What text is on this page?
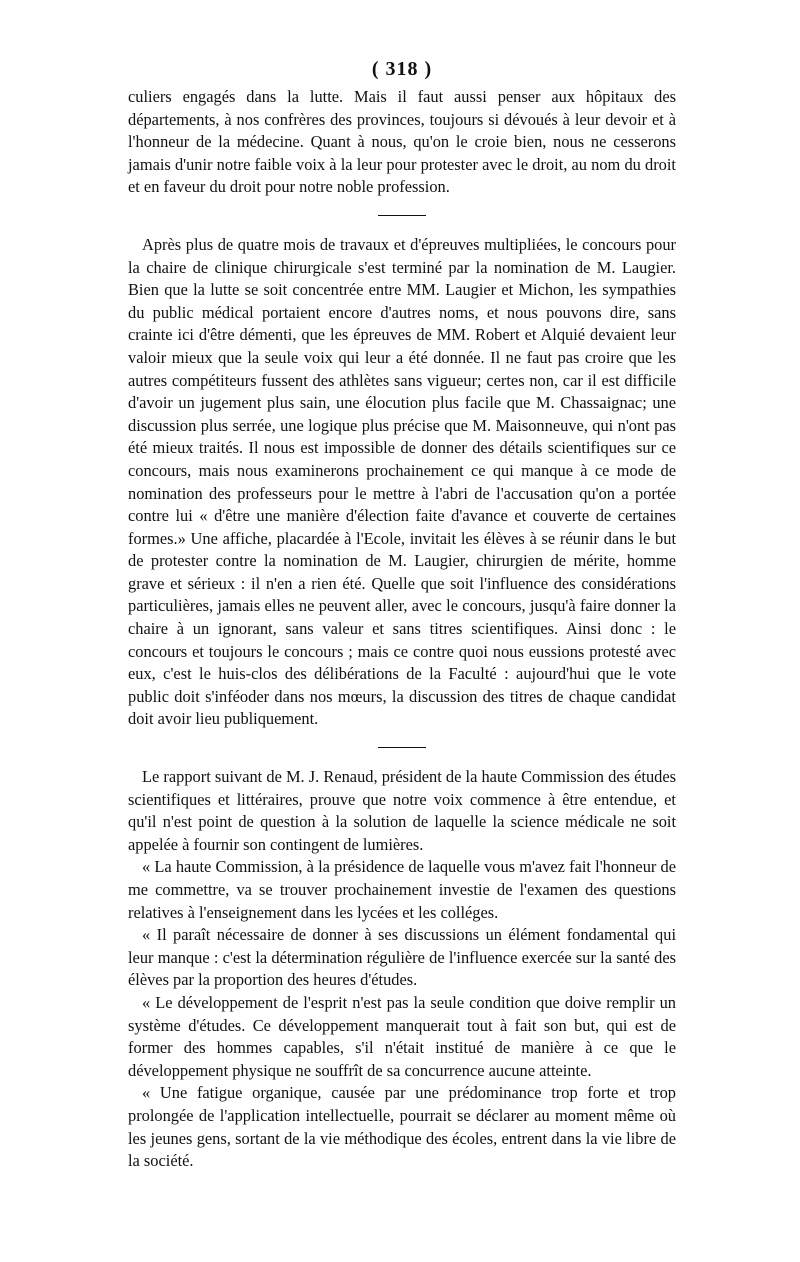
( 318 )

culiers engagés dans la lutte. Mais il faut aussi penser aux hôpitaux des départements, à nos confrères des provinces, toujours si dévoués à leur devoir et à l'honneur de la médecine. Quant à nous, qu'on le croie bien, nous ne cesserons jamais d'unir notre faible voix à la leur pour protester avec le droit, au nom du droit et en faveur du droit pour notre noble profession.

Après plus de quatre mois de travaux et d'épreuves multipliées, le concours pour la chaire de clinique chirurgicale s'est terminé par la nomination de M. Laugier. Bien que la lutte se soit concentrée entre MM. Laugier et Michon, les sympathies du public médical portaient encore d'autres noms, et nous pouvons dire, sans crainte ici d'être démenti, que les épreuves de MM. Robert et Alquié devaient leur valoir mieux que la seule voix qui leur a été donnée. Il ne faut pas croire que les autres compétiteurs fussent des athlètes sans vigueur; certes non, car il est difficile d'avoir un jugement plus sain, une élocution plus facile que M. Chassaignac; une discussion plus serrée, une logique plus précise que M. Maisonneuve, qui n'ont pas été mieux traités. Il nous est impossible de donner des détails scientifiques sur ce concours, mais nous examinerons prochainement ce qui manque à ce mode de nomination des professeurs pour le mettre à l'abri de l'accusation qu'on a portée contre lui « d'être une manière d'élection faite d'avance et couverte de certaines formes.» Une affiche, placardée à l'Ecole, invitait les élèves à se réunir dans le but de protester contre la nomination de M. Laugier, chirurgien de mérite, homme grave et sérieux : il n'en a rien été. Quelle que soit l'influence des considérations particulières, jamais elles ne peuvent aller, avec le concours, jusqu'à faire donner la chaire à un ignorant, sans valeur et sans titres scientifiques. Ainsi donc : le concours et toujours le concours ; mais ce contre quoi nous eussions protesté avec eux, c'est le huis-clos des délibérations de la Faculté : aujourd'hui que le vote public doit s'inféoder dans nos mœurs, la discussion des titres de chaque candidat doit avoir lieu publiquement.

Le rapport suivant de M. J. Renaud, président de la haute Commission des études scientifiques et littéraires, prouve que notre voix commence à être entendue, et qu'il n'est point de question à la solution de laquelle la science médicale ne soit appelée à fournir son contingent de lumières.

« La haute Commission, à la présidence de laquelle vous m'avez fait l'honneur de me commettre, va se trouver prochainement investie de l'examen des questions relatives à l'enseignement dans les lycées et les colléges.

« Il paraît nécessaire de donner à ses discussions un élément fondamental qui leur manque : c'est la détermination régulière de l'influence exercée sur la santé des élèves par la proportion des heures d'études.

« Le développement de l'esprit n'est pas la seule condition que doive remplir un système d'études. Ce développement manquerait tout à fait son but, qui est de former des hommes capables, s'il n'était institué de manière à ce que le développement physique ne souffrît de sa concurrence aucune atteinte.

« Une fatigue organique, causée par une prédominance trop forte et trop prolongée de l'application intellectuelle, pourrait se déclarer au moment même où les jeunes gens, sortant de la vie méthodique des écoles, entrent dans la vie libre de la société.
